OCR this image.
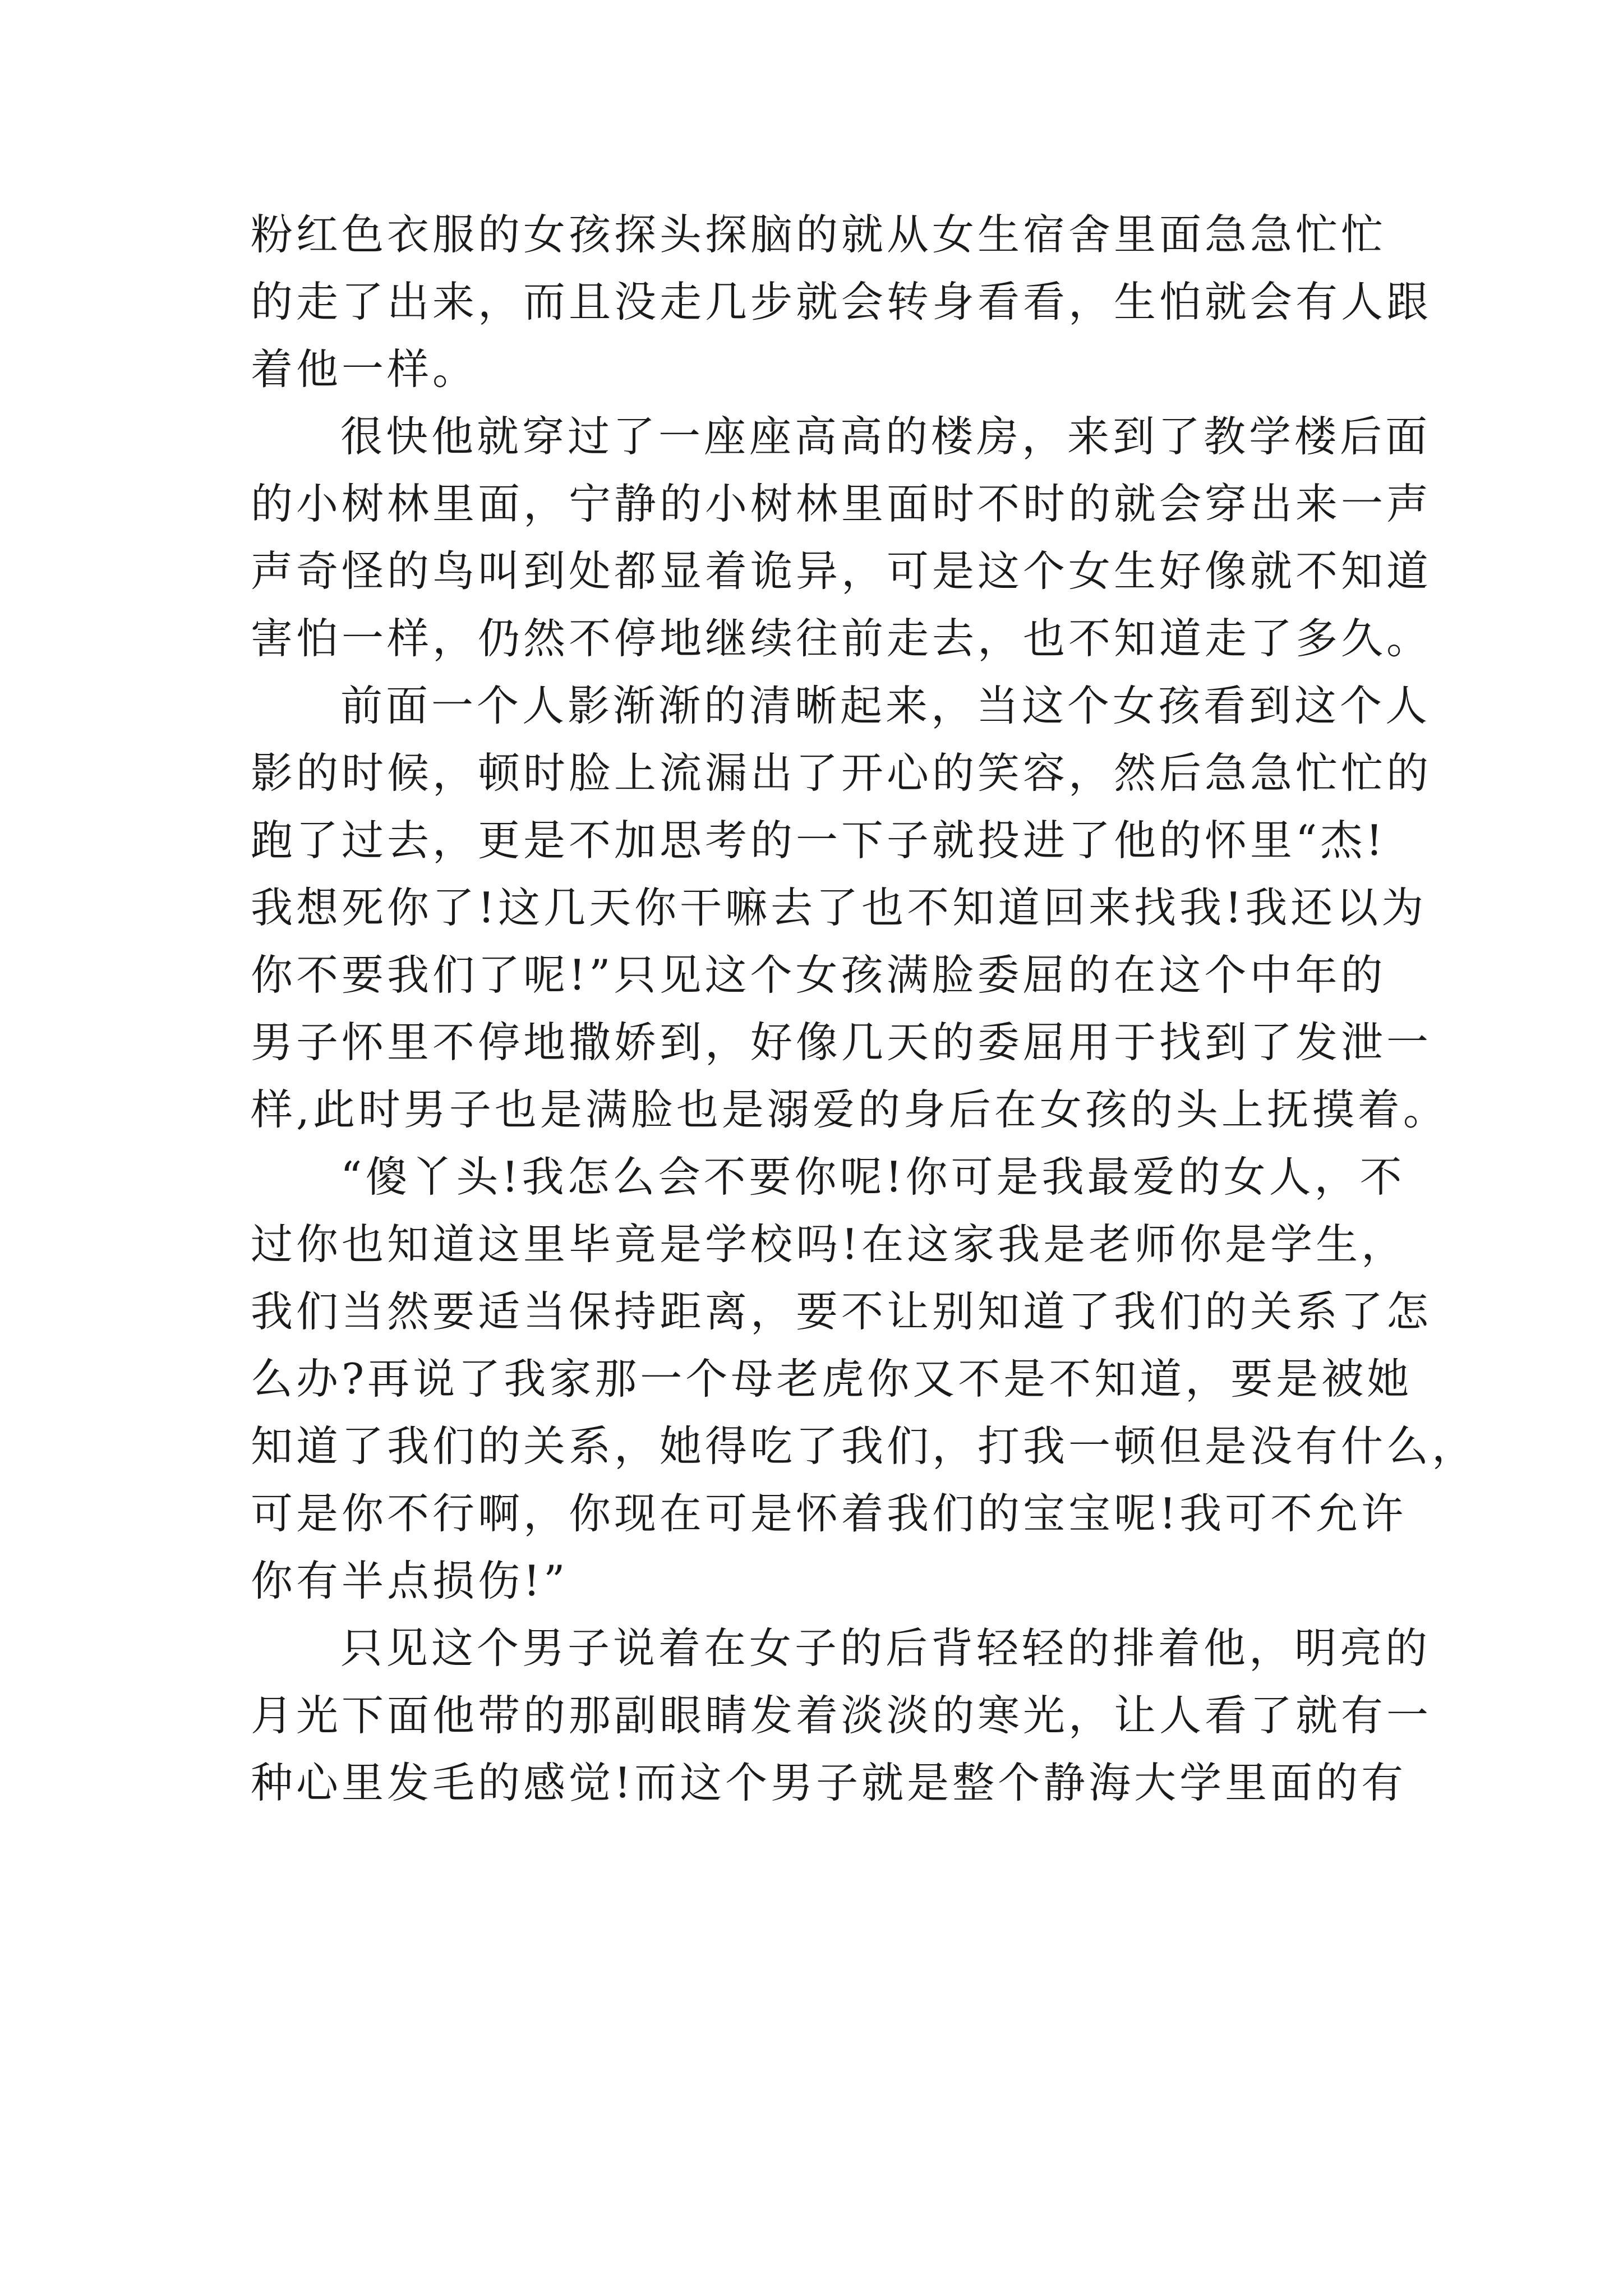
粉红色衣服的女孩探头探脑的就从女生宿舍里面急急忙忙
的走了出来，而且没走几步就会转身看看，生怕就会有人跟
着他一样。
很快他就穿过了一座座高高的楼房，来到了教学楼后面
的小树林里面，宁静的小树林里面时不时的就会穿出来一声
声奇怪的鸟叫到处都显着诡异，可是这个女生好像就不知道
害怕一样，仍然不停地继续往前走去，也不知道走了多久。
前面一个人影渐渐的清晰起来，当这个女孩看到这个人
影的时候，顿时脸上流漏出了开心的笑容，然后急急忙忙的
跑了过去，更是不加思考的一下子就投进了他的怀里“杰!
我想死你了!这几天你干嘛去了也不知道回来找我!我还以为
你不要我们了呢!”只见这个女孩满脸委屈的在这个中年的
男子怀里不停地撒娇到，好像几天的委屈用于找到了发泄一
样,此时男子也是满脸也是溺爱的身后在女孩的头上抚摸着。
“傻丫头!我怎么会不要你呢!你可是我最爱的女人，不
过你也知道这里毕竟是学校吗!在这家我是老师你是学生，
我们当然要适当保持距离，要不让别知道了我们的关系了怎
么办?再说了我家那一个母老虎你又不是不知道，要是被她
知道了我们的关系，她得吃了我们，打我一顿但是没有什么，
可是你不行啊，你现在可是怀着我们的宝宝呢!我可不允许
你有半点损伤!”
只见这个男子说着在女子的后背轻轻的排着他，明亮的
月光下面他带的那副眼睛发着淡淡的寒光，让人看了就有一
种心里发毛的感觉!而这个男子就是整个静海大学里面的有
